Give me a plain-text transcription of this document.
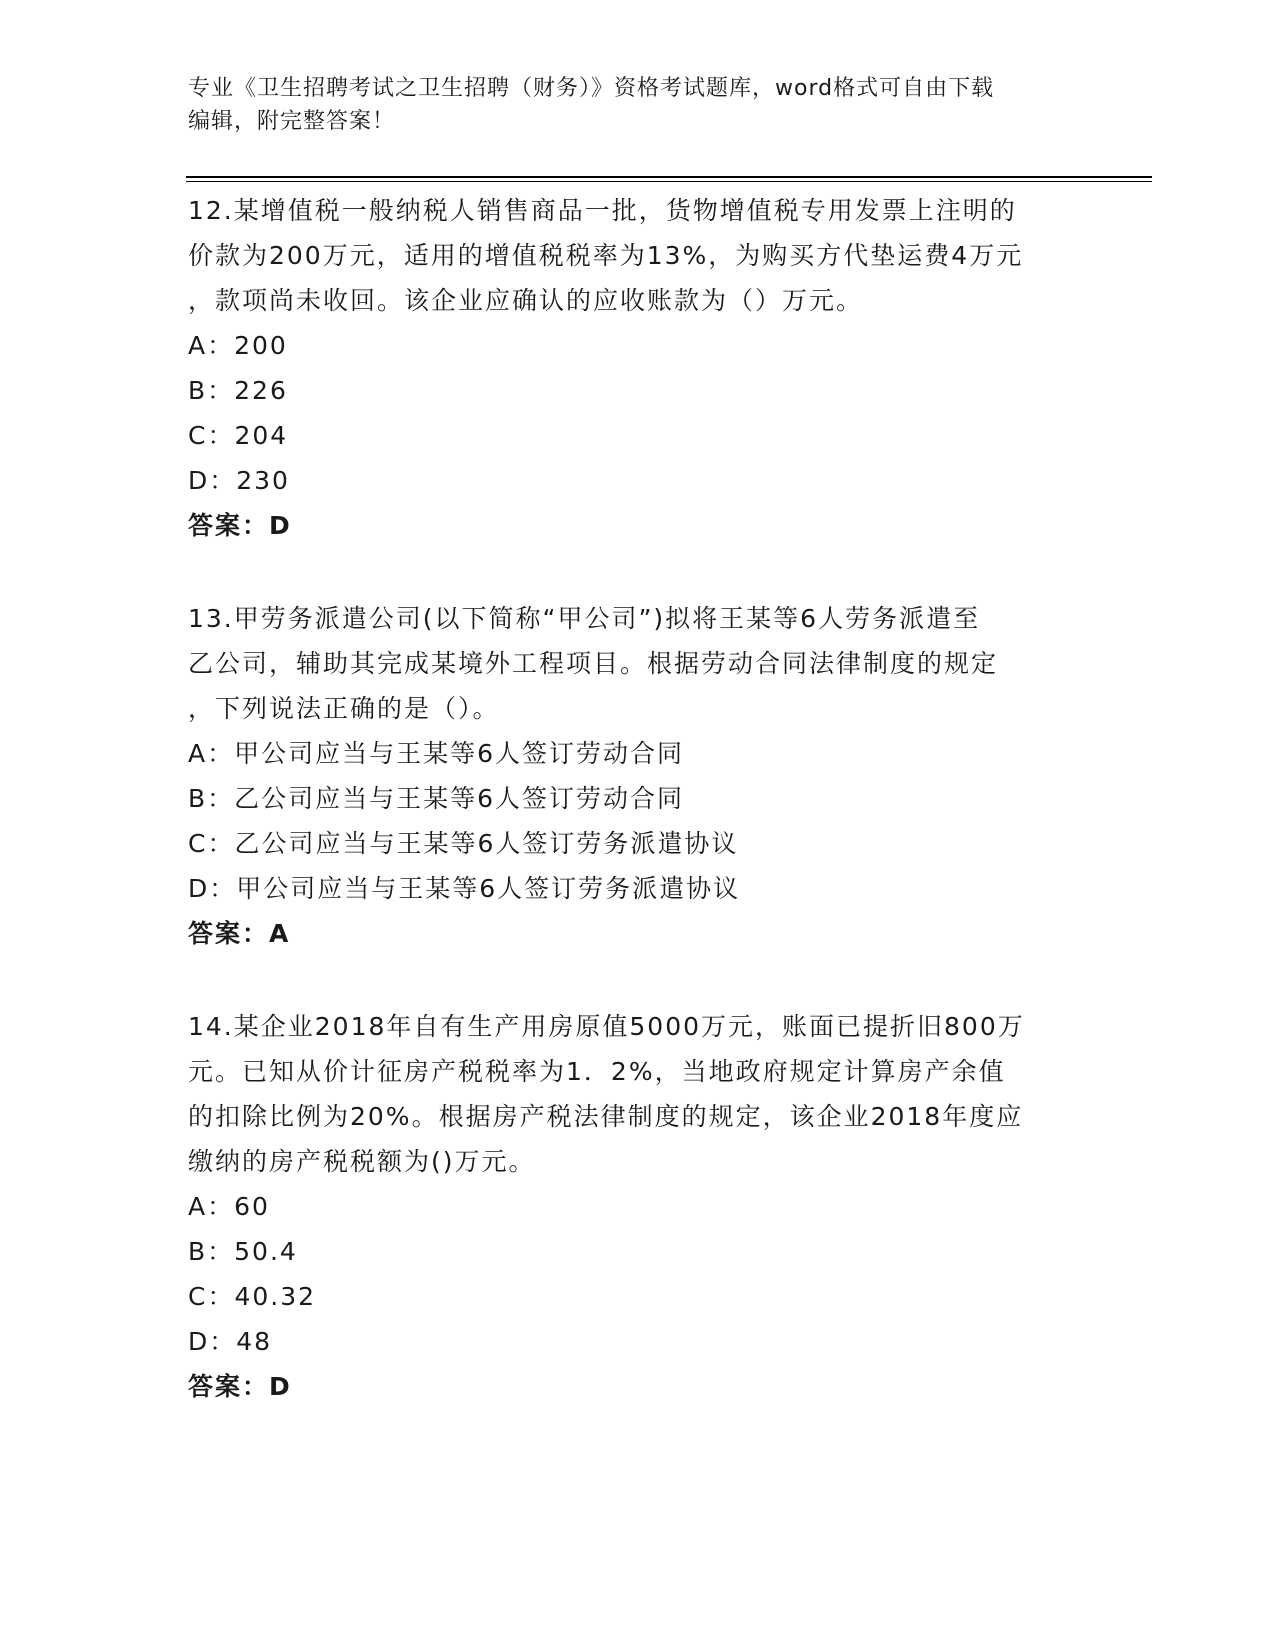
专业《卫生招聘考试之卫生招聘（财务）》资格考试题库，word格式可自由下载
编辑，附完整答案！
12.某增值税一般纳税人销售商品一批，货物增值税专用发票上注明的
价款为200万元，适用的增值税税率为13%，为购买方代垫运费4万元
，款项尚未收回。该企业应确认的应收账款为（）万元。
A：200
B：226
C：204
D：230
答案：D
13.甲劳务派遣公司(以下简称“甲公司”)拟将王某等6人劳务派遣至
乙公司，辅助其完成某境外工程项目。根据劳动合同法律制度的规定
，下列说法正确的是（）。
A：甲公司应当与王某等6人签订劳动合同
B：乙公司应当与王某等6人签订劳动合同
C：乙公司应当与王某等6人签订劳务派遣协议
D：甲公司应当与王某等6人签订劳务派遣协议
答案：A
14.某企业2018年自有生产用房原值5000万元，账面已提折旧800万
元。已知从价计征房产税税率为1．2%，当地政府规定计算房产余值
的扣除比例为20%。根据房产税法律制度的规定，该企业2018年度应
缴纳的房产税税额为()万元。
A：60
B：50.4
C：40.32
D：48
答案：D
